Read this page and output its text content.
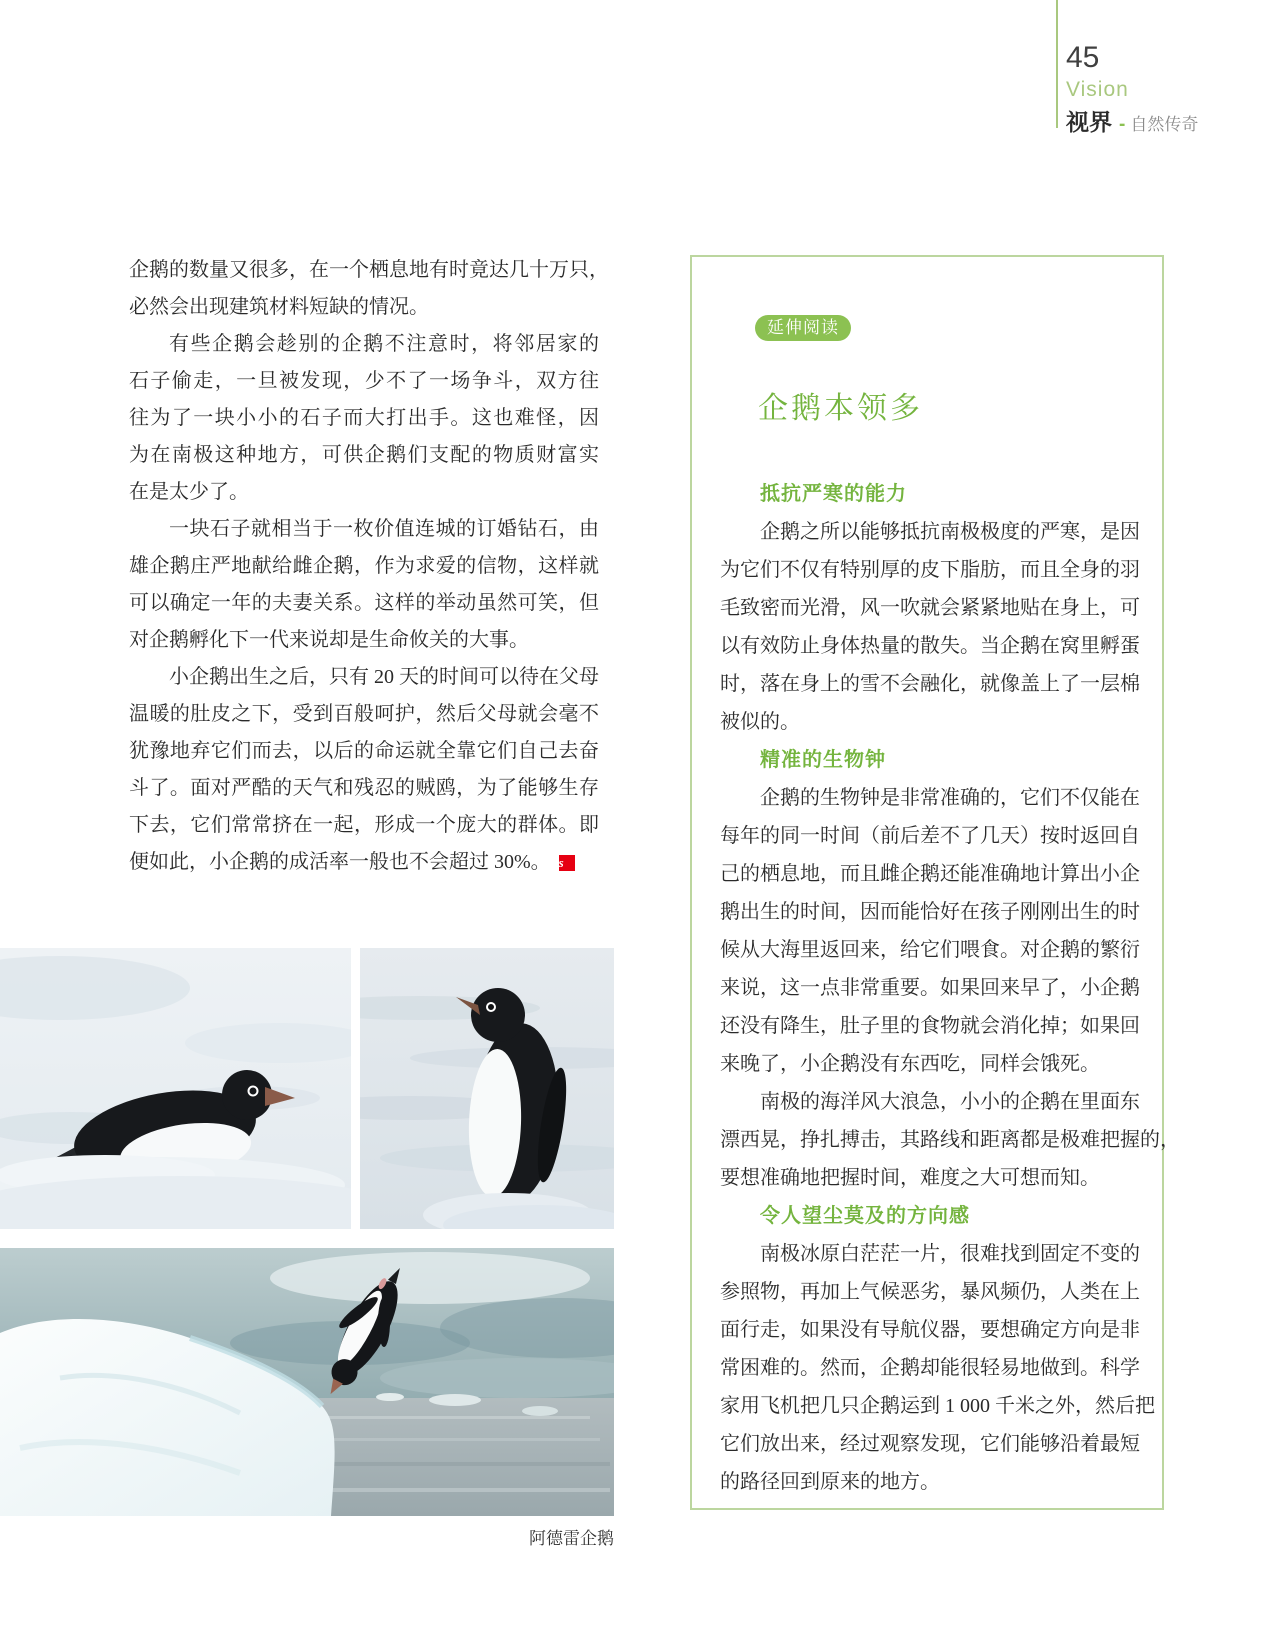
45
Vision
视界 - 自然传奇
企鹅的数量又很多，在一个栖息地有时竟达几十万只，
必然会出现建筑材料短缺的情况。
有些企鹅会趁别的企鹅不注意时，将邻居家的
石子偷走，一旦被发现，少不了一场争斗，双方往
往为了一块小小的石子而大打出手。这也难怪，因
为在南极这种地方，可供企鹅们支配的物质财富实
在是太少了。
一块石子就相当于一枚价值连城的订婚钻石，由
雄企鹅庄严地献给雌企鹅，作为求爱的信物，这样就
可以确定一年的夫妻关系。这样的举动虽然可笑，但
对企鹅孵化下一代来说却是生命攸关的大事。
小企鹅出生之后，只有 20 天的时间可以待在父母
温暖的肚皮之下，受到百般呵护，然后父母就会毫不
犹豫地弃它们而去，以后的命运就全靠它们自己去奋
斗了。面对严酷的天气和残忍的贼鸥，为了能够生存
下去，它们常常挤在一起，形成一个庞大的群体。即
便如此，小企鹅的成活率一般也不会超过 30%。 s
延伸阅读
企鹅本领多
抵抗严寒的能力
企鹅之所以能够抵抗南极极度的严寒，是因
为它们不仅有特别厚的皮下脂肪，而且全身的羽
毛致密而光滑，风一吹就会紧紧地贴在身上，可
以有效防止身体热量的散失。当企鹅在窝里孵蛋
时，落在身上的雪不会融化，就像盖上了一层棉
被似的。
精准的生物钟
企鹅的生物钟是非常准确的，它们不仅能在
每年的同一时间（前后差不了几天）按时返回自
己的栖息地，而且雌企鹅还能准确地计算出小企
鹅出生的时间，因而能恰好在孩子刚刚出生的时
候从大海里返回来，给它们喂食。对企鹅的繁衍
来说，这一点非常重要。如果回来早了，小企鹅
还没有降生，肚子里的食物就会消化掉；如果回
来晚了，小企鹅没有东西吃，同样会饿死。
南极的海洋风大浪急，小小的企鹅在里面东
漂西晃，挣扎搏击，其路线和距离都是极难把握的，
要想准确地把握时间，难度之大可想而知。
令人望尘莫及的方向感
南极冰原白茫茫一片，很难找到固定不变的
参照物，再加上气候恶劣，暴风频仍，人类在上
面行走，如果没有导航仪器，要想确定方向是非
常困难的。然而，企鹅却能很轻易地做到。科学
家用飞机把几只企鹅运到 1 000 千米之外，然后把
它们放出来，经过观察发现，它们能够沿着最短
的路径回到原来的地方。
阿德雷企鹅
